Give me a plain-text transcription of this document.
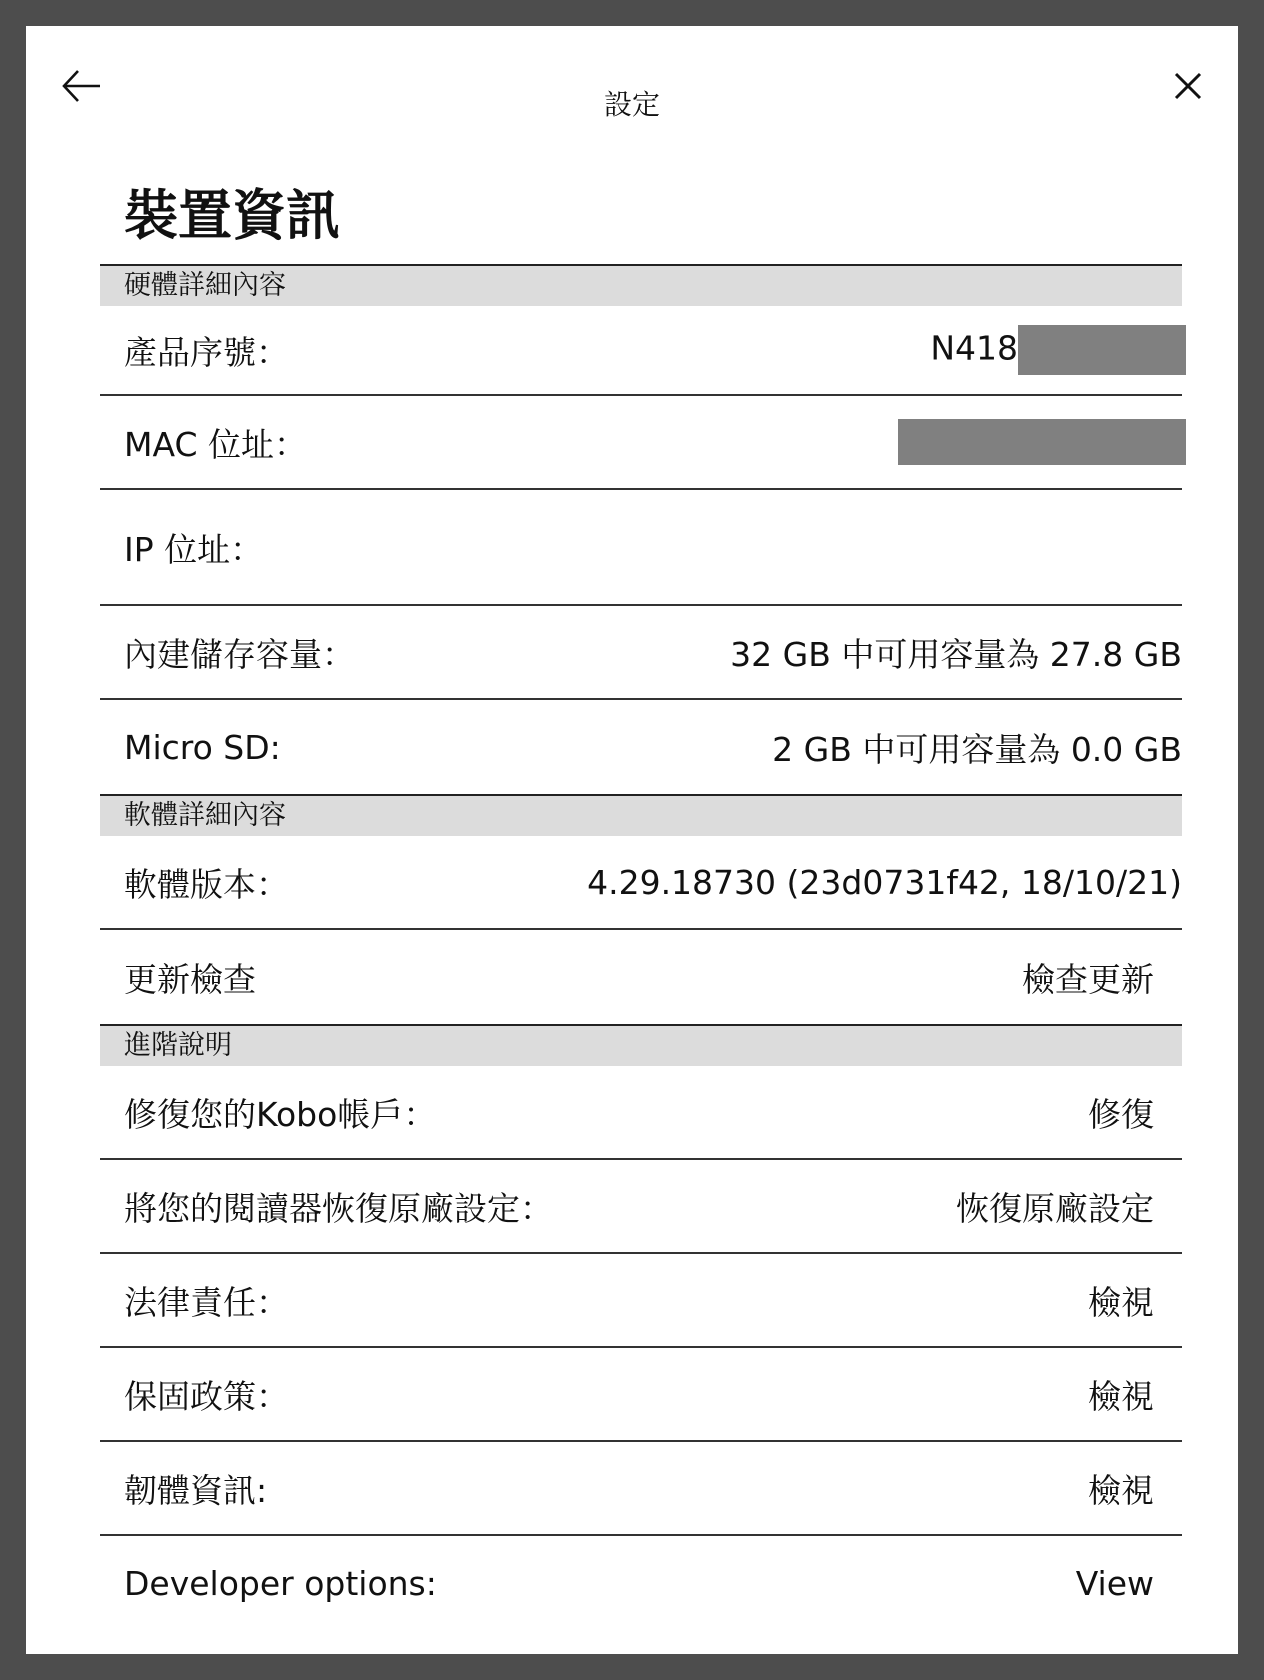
設定
裝置資訊
硬體詳細內容
產品序號：	N418
MAC 位址：
IP 位址：
內建儲存容量：	32 GB 中可用容量為 27.8 GB
Micro SD:	2 GB 中可用容量為 0.0 GB
軟體詳細內容
軟體版本：	4.29.18730 (23d0731f42, 18/10/21)
更新檢查	檢查更新
進階說明
修復您的Kobo帳戶：	修復
將您的閱讀器恢復原廠設定：	恢復原廠設定
法律責任：	檢視
保固政策：	檢視
韌體資訊:	檢視
Developer options:	View
